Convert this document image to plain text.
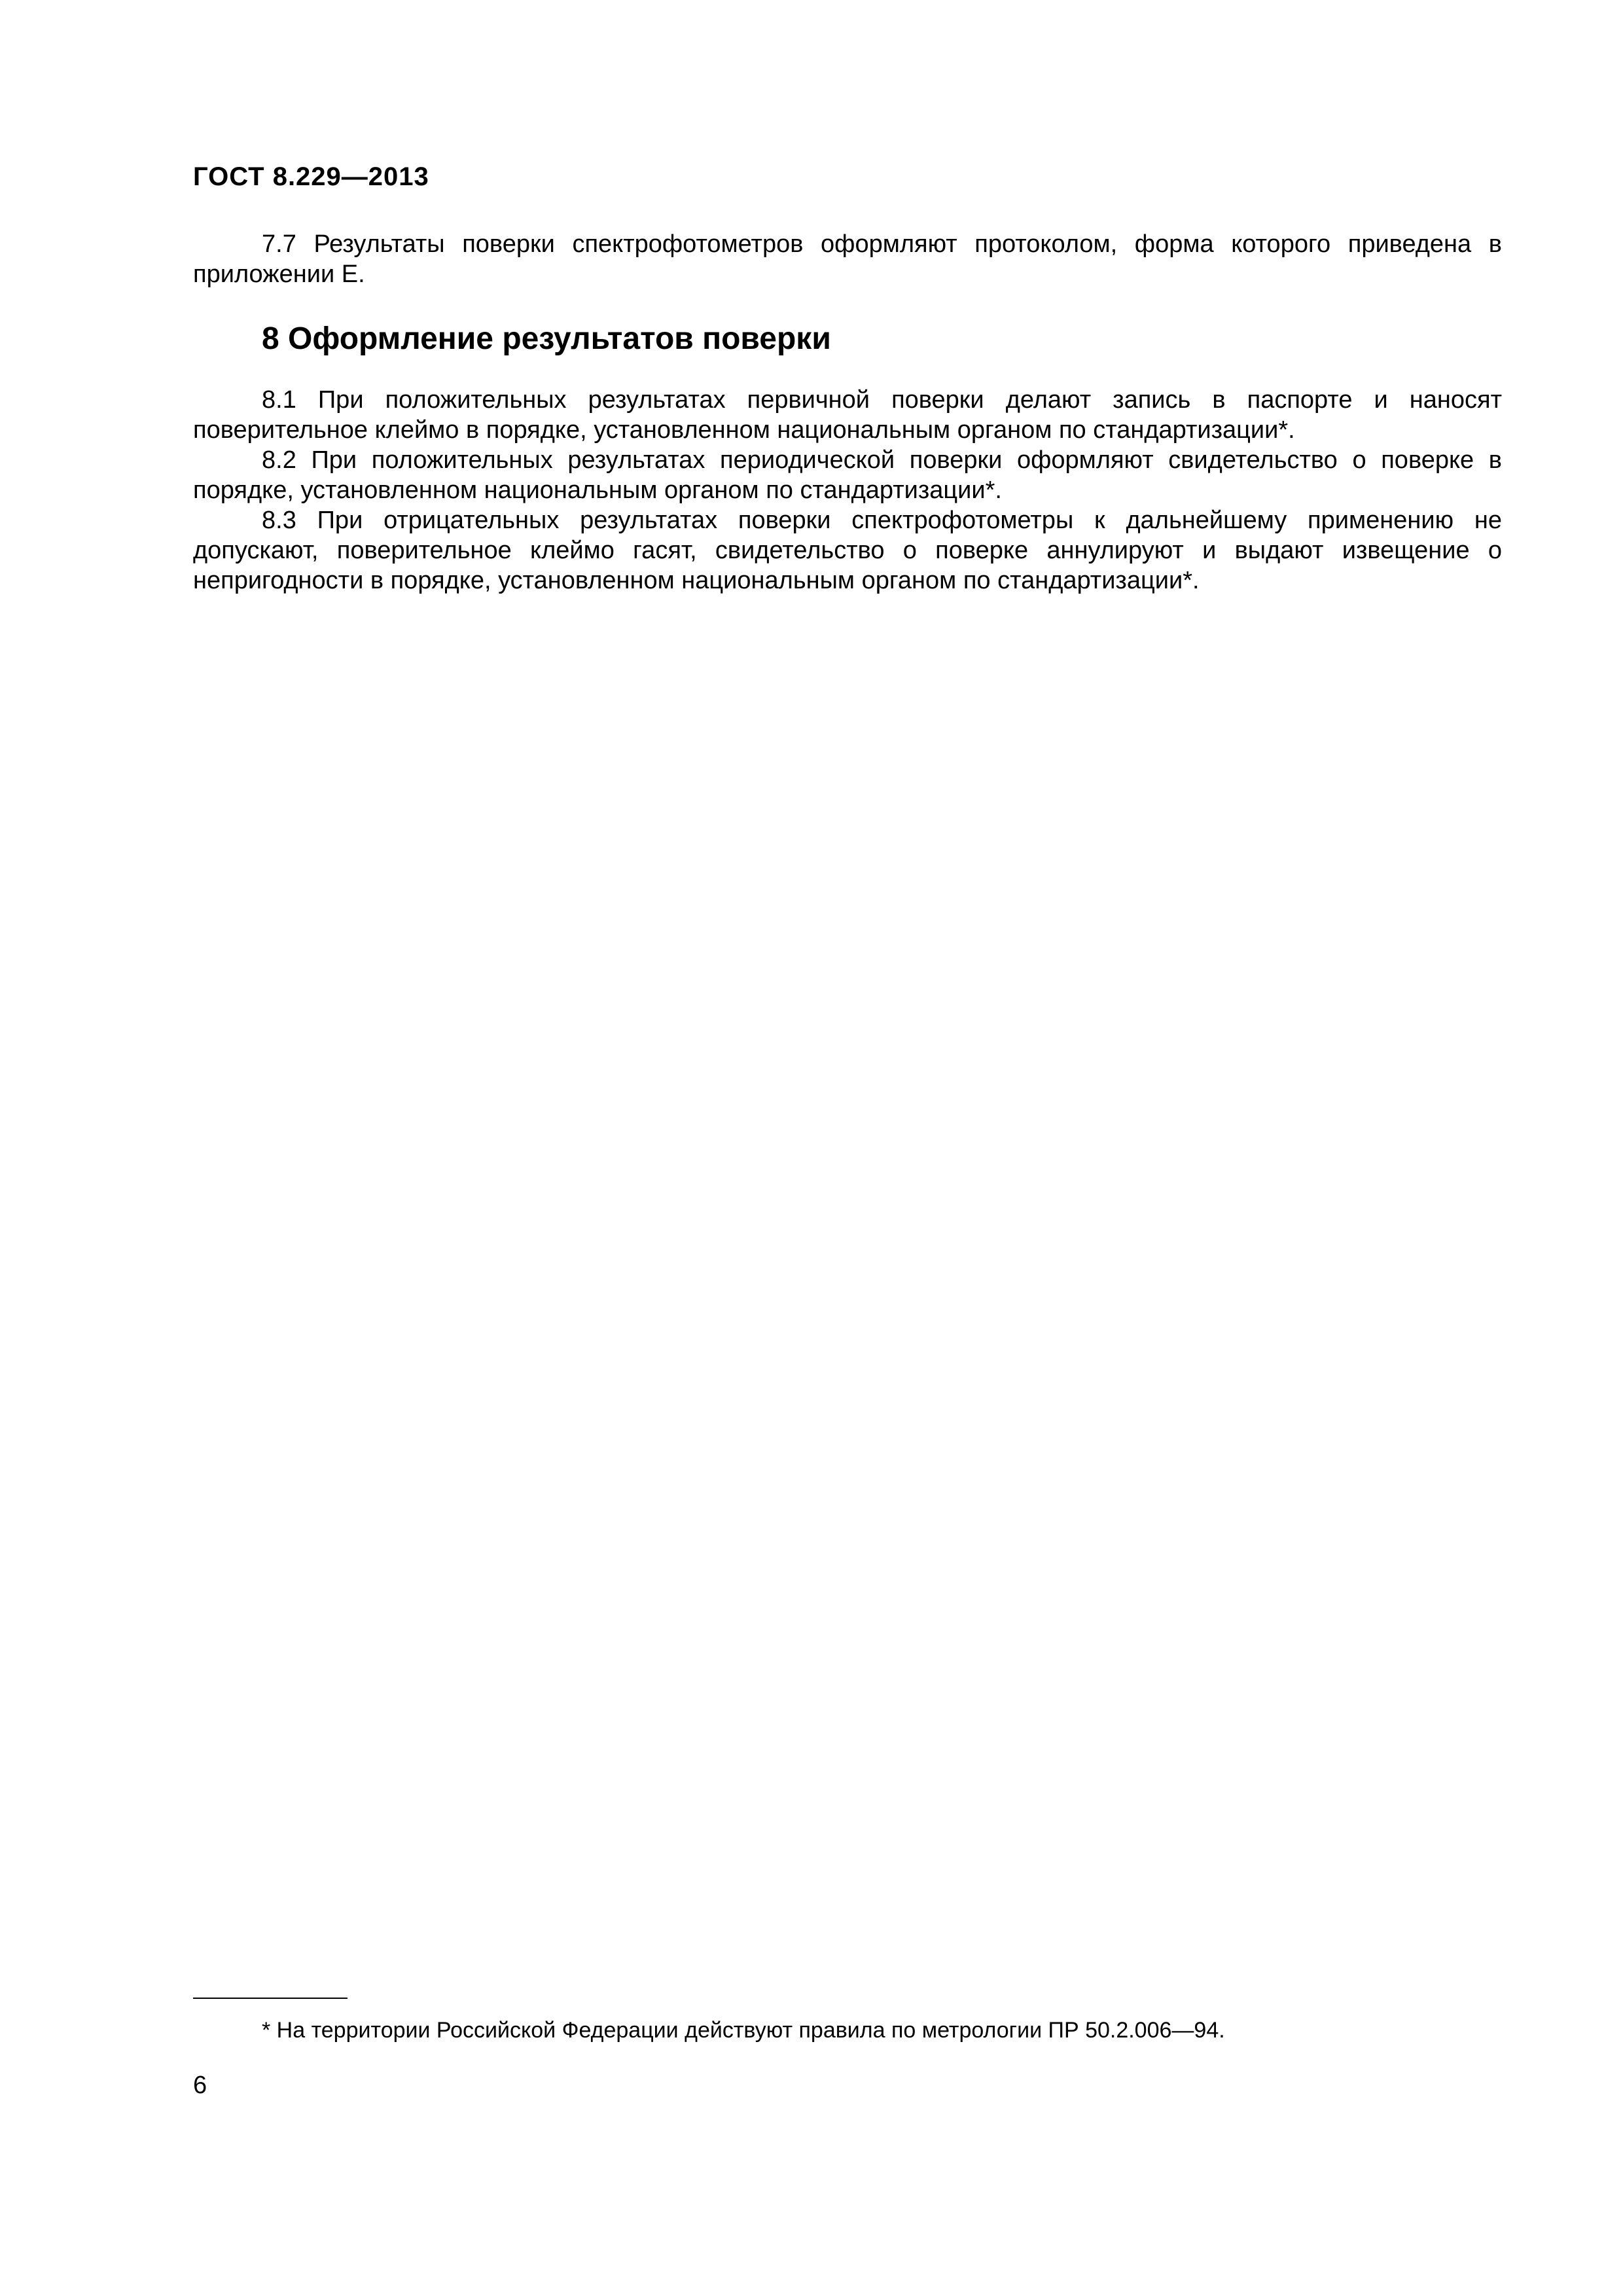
ГОСТ 8.229—2013

7.7 Результаты поверки спектрофотометров оформляют протоколом, форма которого приведена в приложении Е.

8 Оформление результатов поверки

8.1 При положительных результатах первичной поверки делают запись в паспорте и наносят поверительное клеймо в порядке, установленном национальным органом по стандартизации*.

8.2 При положительных результатах периодической поверки оформляют свидетельство о поверке в порядке, установленном национальным органом по стандартизации*.

8.3 При отрицательных результатах поверки спектрофотометры к дальнейшему применению не допускают, поверительное клеймо гасят, свидетельство о поверке аннулируют и выдают извещение о непригодности в порядке, установленном национальным органом по стандартизации*.

* На территории Российской Федерации действуют правила по метрологии ПР 50.2.006—94.
6
